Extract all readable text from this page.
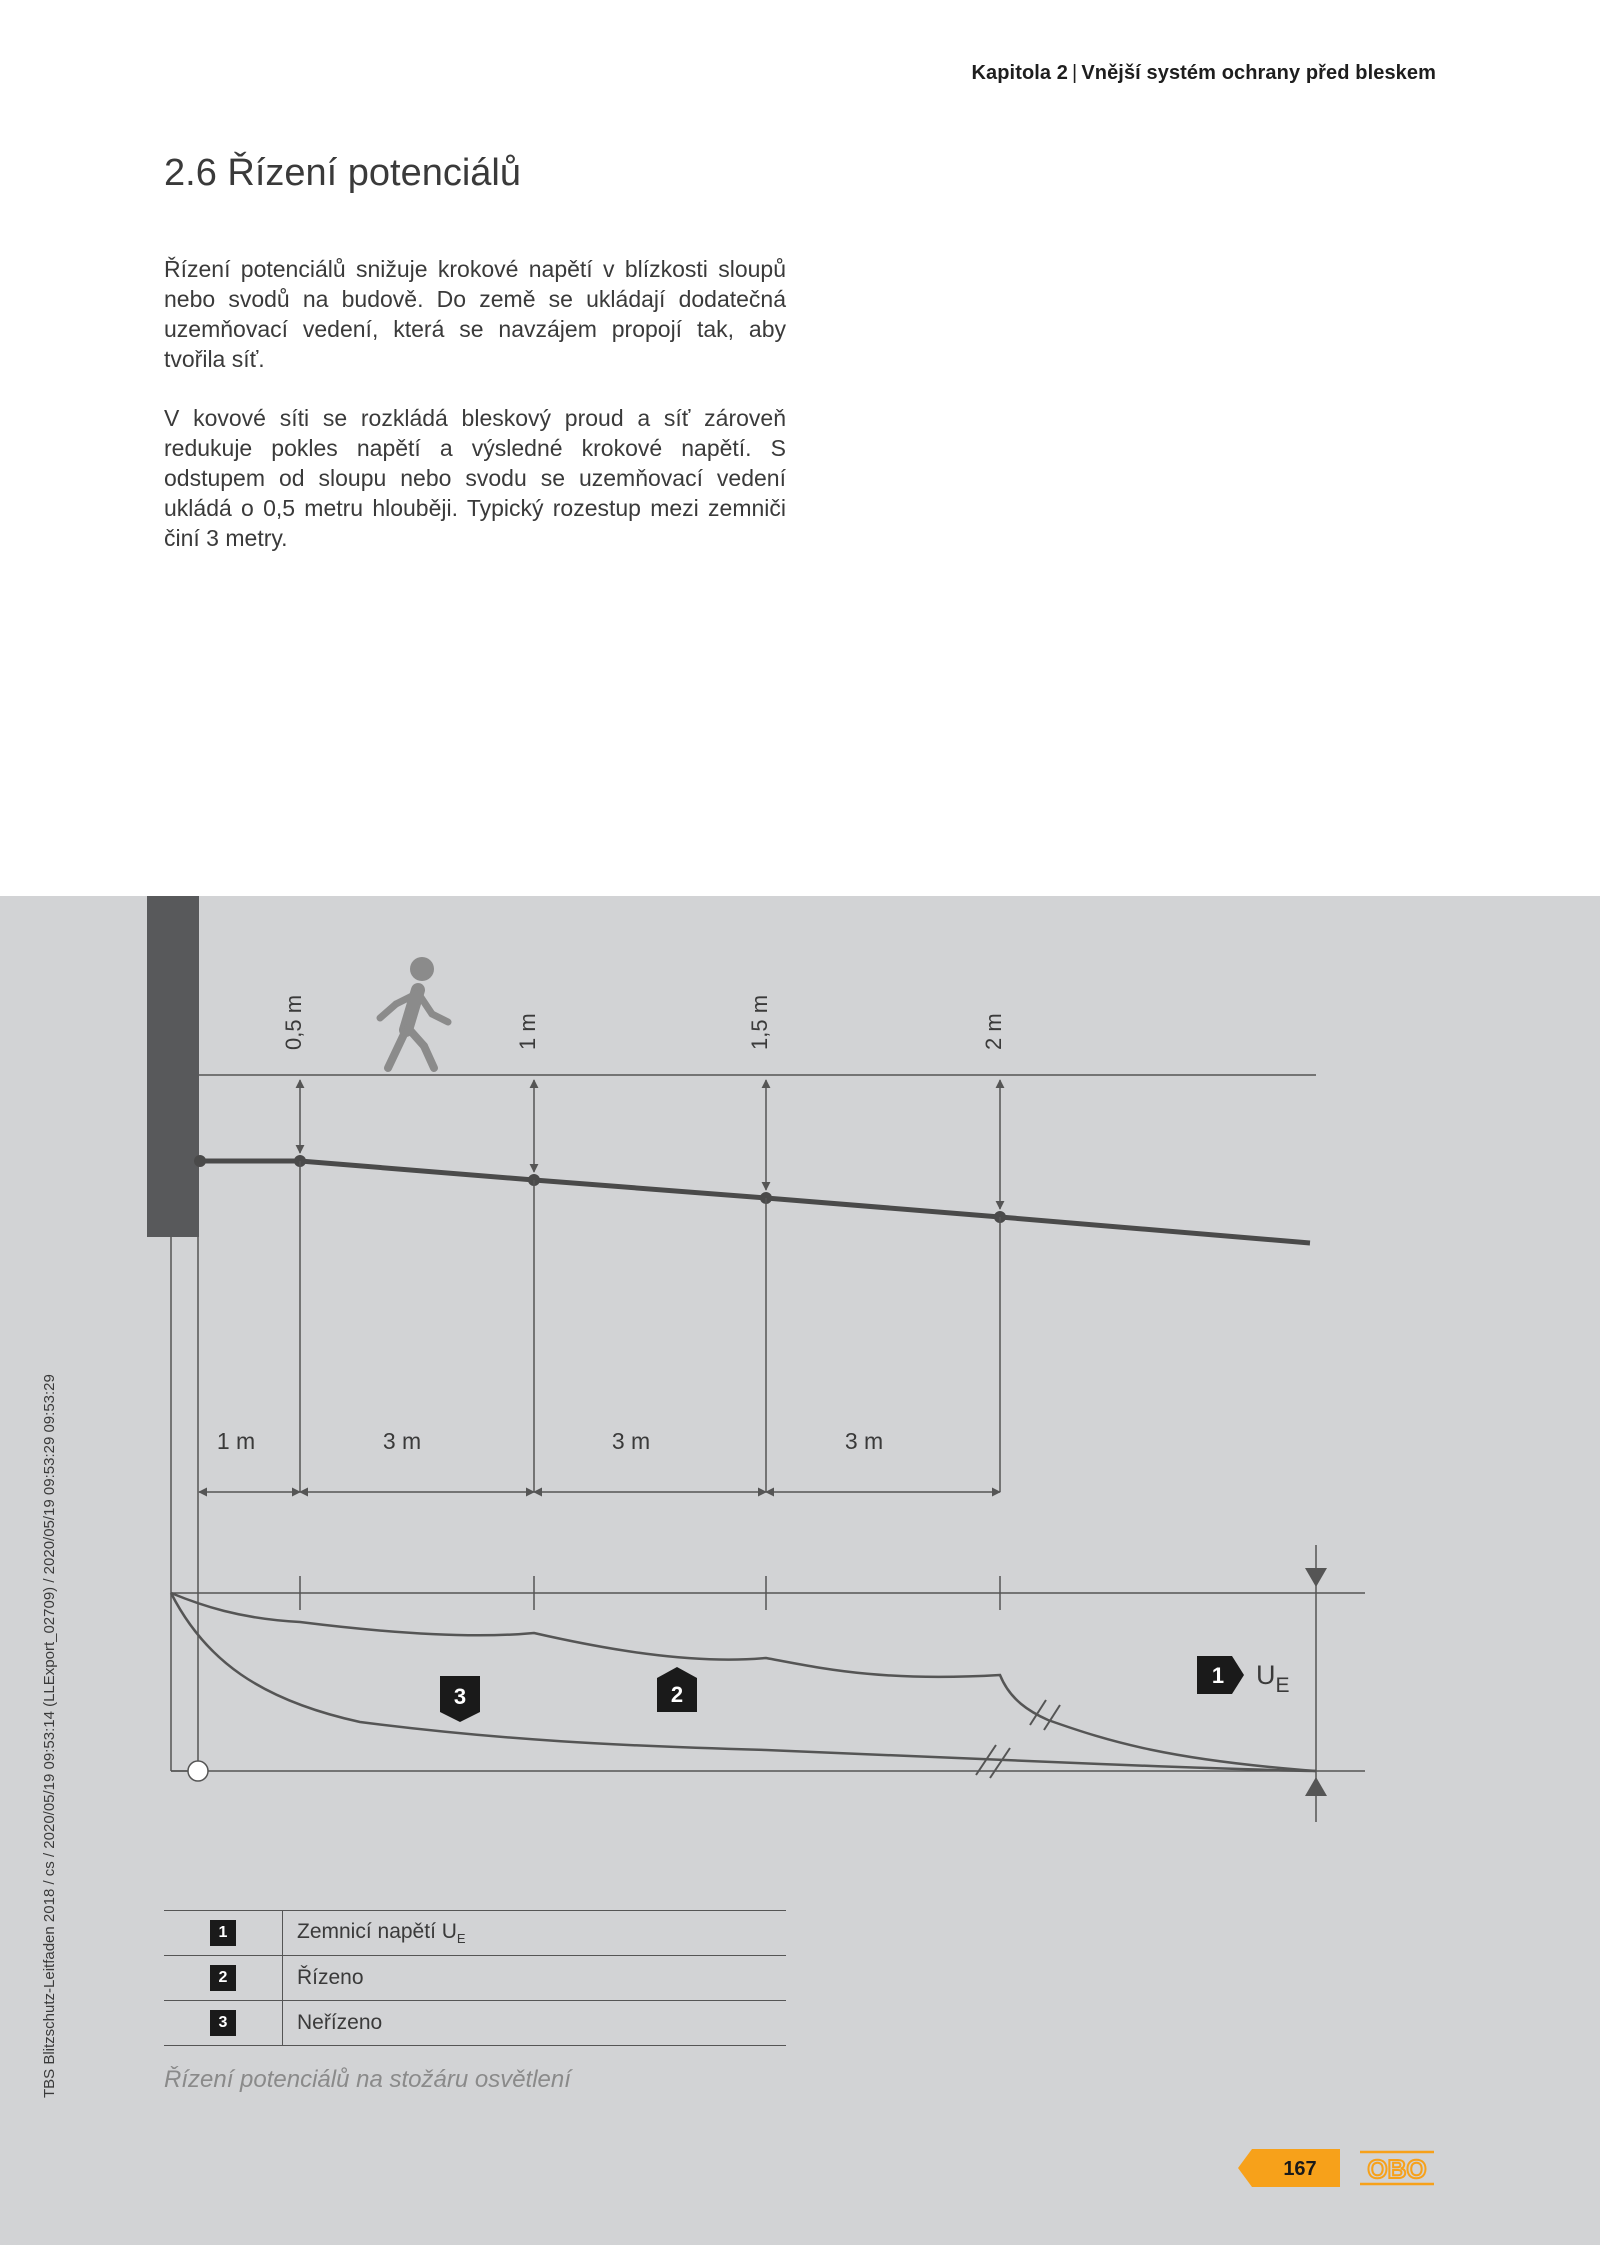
Kapitola 2 | Vnější systém ochrany před bleskem
2.6 Řízení potenciálů

Řízení potenciálů snižuje krokové napětí v blízkosti sloupů nebo svodů na budově. Do země se ukládají dodatečná uzemňovací vedení, která se navzájem propojí tak, aby tvořila síť.

V kovové síti se rozkládá bleskový proud a síť zároveň redukuje pokles napětí a výsledné krokové napětí. S odstupem od sloupu nebo svodu se uzemňovací vedení ukládá o 0,5 metru hlouběji. Typický rozestup mezi zemniči činí 3 metry.

0,5 m	1 m	1,5 m	2 m
1 m	3 m	3 m	3 m
1 $U_E$
2
3
1	Zemnicí napětí $U_E$
2	Řízeno
3	Neřízeno
Řízení potenciálů na stožáru osvětlení
TBS Blitzschutz-Leitfaden 2018 / cs / 2020/05/19 09:53:14 (LLExport_02709) / 2020/05/19 09:53:29 09:53:29
167	OBO
